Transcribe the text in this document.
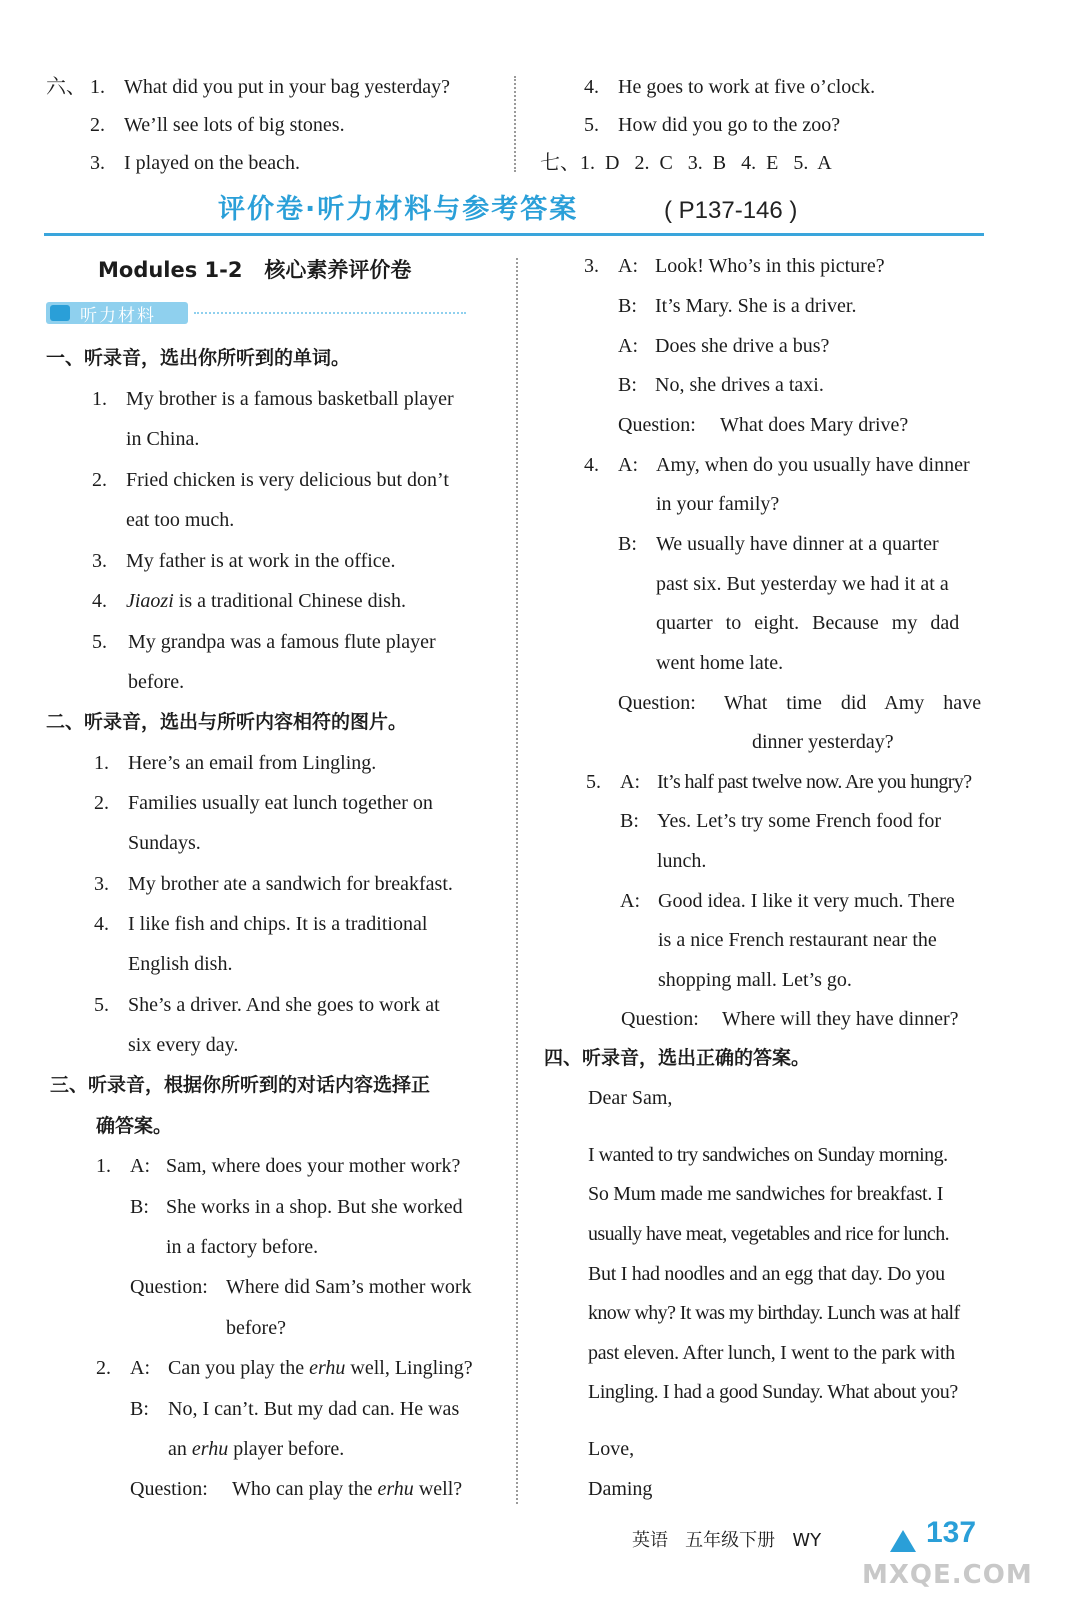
六、 1. What did you put in your bag yesterday?
2. We’ll see lots of big stones.
3. I played on the beach.
4. He goes to work at five o’clock.
5. How did you go to the zoo?
七、1.  D   2.  C   3.  B   4.  E   5.  A
评价卷·听力材料与参考答案	( P137-146 )
Modules 1-2   核心素养评价卷
听力材料
一、听录音，选出你所听到的单词。
1. My brother is a famous basketball player
in China.
2. Fried chicken is very delicious but don’t
eat too much.
3. My father is at work in the office.
4. Jiaozi is a traditional Chinese dish.
5. My grandpa was a famous flute player
before.
二、听录音，选出与所听内容相符的图片。
1. Here’s an email from Lingling.
2. Families usually eat lunch together on
Sundays.
3. My brother ate a sandwich for breakfast.
4. I like fish and chips. It is a traditional
English dish.
5. She’s a driver. And she goes to work at
six every day.
三、听录音，根据你所听到的对话内容选择正
确答案。
1. A: Sam, where does your mother work?
B: She works in a shop. But she worked
in a factory before.
Question: Where did Sam’s mother work
before?
2. A: Can you play the erhu well, Lingling?
B: No, I can’t. But my dad can. He was
an erhu player before.
Question: Who can play the erhu well?
3. A: Look! Who’s in this picture?
B: It’s Mary. She is a driver.
A: Does she drive a bus?
B: No, she drives a taxi.
Question: What does Mary drive?
4. A: Amy, when do you usually have dinner
in your family?
B: We usually have dinner at a quarter
past six. But yesterday we had it at a
quarter to eight. Because my dad
went home late.
Question: What time did Amy have
dinner yesterday?
5. A: It’s half past twelve now. Are you hungry?
B: Yes. Let’s try some French food for
lunch.
A: Good idea. I like it very much. There
is a nice French restaurant near the
shopping mall. Let’s go.
Question: Where will they have dinner?
四、听录音，选出正确的答案。
Dear Sam,
I wanted to try sandwiches on Sunday morning.
So Mum made me sandwiches for breakfast. I
usually have meat, vegetables and rice for lunch.
But I had noodles and an egg that day. Do you
know why? It was my birthday. Lunch was at half
past eleven. After lunch, I went to the park with
Lingling. I had a good Sunday. What about you?
Love,
Daming
英语   五年级下册   WY	137
MXQE.COM
